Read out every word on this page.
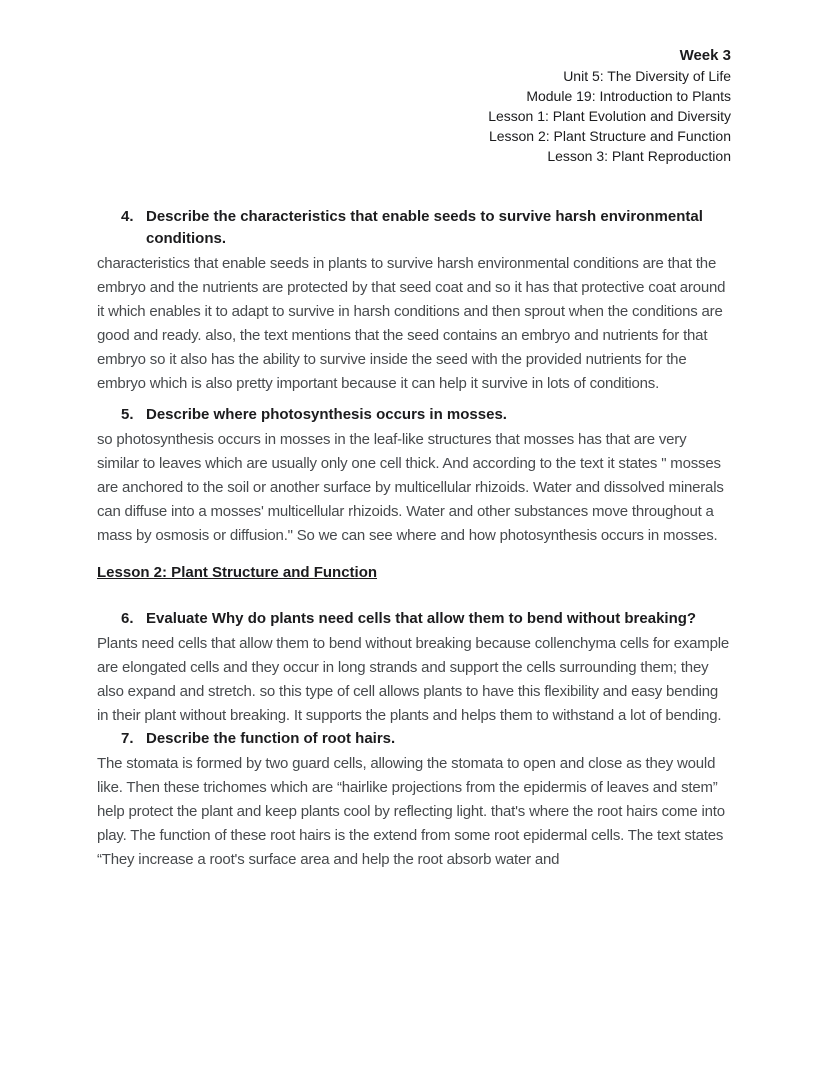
Week 3
Unit 5: The Diversity of Life
Module 19: Introduction to Plants
Lesson 1: Plant Evolution and Diversity
Lesson 2: Plant Structure and Function
Lesson 3: Plant Reproduction
4. Describe the characteristics that enable seeds to survive harsh environmental conditions.

characteristics that enable seeds in plants to survive harsh environmental conditions are that the embryo and the nutrients are protected by that seed coat and so it has that protective coat around it which enables it to adapt to survive in harsh conditions and then sprout when the conditions are good and ready. also, the text mentions that the seed contains an embryo and nutrients for that embryo so it also has the ability to survive inside the seed with the provided nutrients for the embryo which is also pretty important because it can help it survive in lots of conditions.

5. Describe where photosynthesis occurs in mosses.

so photosynthesis occurs in mosses in the leaf-like structures that mosses has that are very similar to leaves which are usually only one cell thick. And according to the text it states " mosses are anchored to the soil or another surface by multicellular rhizoids. Water and dissolved minerals can diffuse into a mosses' multicellular rhizoids. Water and other substances move throughout a mass by osmosis or diffusion." So we can see where and how photosynthesis occurs in mosses.

Lesson 2: Plant Structure and Function
6. Evaluate Why do plants need cells that allow them to bend without breaking?

Plants need cells that allow them to bend without breaking because collenchyma cells for example are elongated cells and they occur in long strands and support the cells surrounding them; they also expand and stretch. so this type of cell allows plants to have this flexibility and easy bending in their plant without breaking. It supports the plants and helps them to withstand a lot of bending.

7. Describe the function of root hairs.

The stomata is formed by two guard cells, allowing the stomata to open and close as they would like. Then these trichomes which are “hairlike projections from the epidermis of leaves and stem” help protect the plant and keep plants cool by reflecting light. that's where the root hairs come into play. The function of these root hairs is the extend from some root epidermal cells. The text states “They increase a root's surface area and help the root absorb water and
